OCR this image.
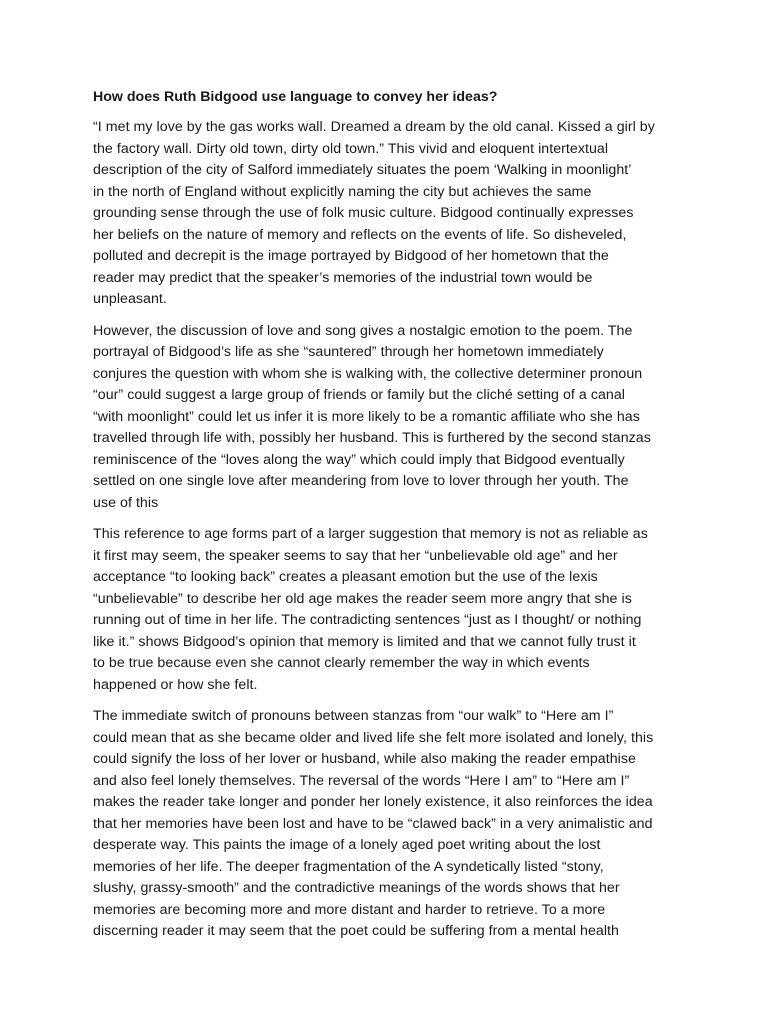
How does Ruth Bidgood use language to convey her ideas?
“I met my love by the gas works wall. Dreamed a dream by the old canal. Kissed a girl by
the factory wall. Dirty old town, dirty old town.” This vivid and eloquent intertextual
description of the city of Salford immediately situates the poem ‘Walking in moonlight’
in the north of England without explicitly naming the city but achieves the same
grounding sense through the use of folk music culture. Bidgood continually expresses
her beliefs on the nature of memory and reflects on the events of life. So disheveled,
polluted and decrepit is the image portrayed by Bidgood of her hometown that the
reader may predict that the speaker’s memories of the industrial town would be
unpleasant.
However, the discussion of love and song gives a nostalgic emotion to the poem. The
portrayal of Bidgood’s life as she “sauntered” through her hometown immediately
conjures the question with whom she is walking with, the collective determiner pronoun
“our” could suggest a large group of friends or family but the cliché setting of a canal
“with moonlight” could let us infer it is more likely to be a romantic affiliate who she has
travelled through life with, possibly her husband. This is furthered by the second stanzas
reminiscence of the “loves along the way” which could imply that Bidgood eventually
settled on one single love after meandering from love to lover through her youth. The
use of this
This reference to age forms part of a larger suggestion that memory is not as reliable as
it first may seem, the speaker seems to say that her “unbelievable old age” and her
acceptance “to looking back” creates a pleasant emotion but the use of the lexis
“unbelievable” to describe her old age makes the reader seem more angry that she is
running out of time in her life. The contradicting sentences “just as I thought/ or nothing
like it.” shows Bidgood’s opinion that memory is limited and that we cannot fully trust it
to be true because even she cannot clearly remember the way in which events
happened or how she felt.
The immediate switch of pronouns between stanzas from “our walk” to “Here am I”
could mean that as she became older and lived life she felt more isolated and lonely, this
could signify the loss of her lover or husband, while also making the reader empathise
and also feel lonely themselves. The reversal of the words “Here I am” to “Here am I”
makes the reader take longer and ponder her lonely existence, it also reinforces the idea
that her memories have been lost and have to be “clawed back” in a very animalistic and
desperate way. This paints the image of a lonely aged poet writing about the lost
memories of her life. The deeper fragmentation of the A syndetically listed “stony,
slushy, grassy-smooth” and the contradictive meanings of the words shows that her
memories are becoming more and more distant and harder to retrieve. To a more
discerning reader it may seem that the poet could be suffering from a mental health
